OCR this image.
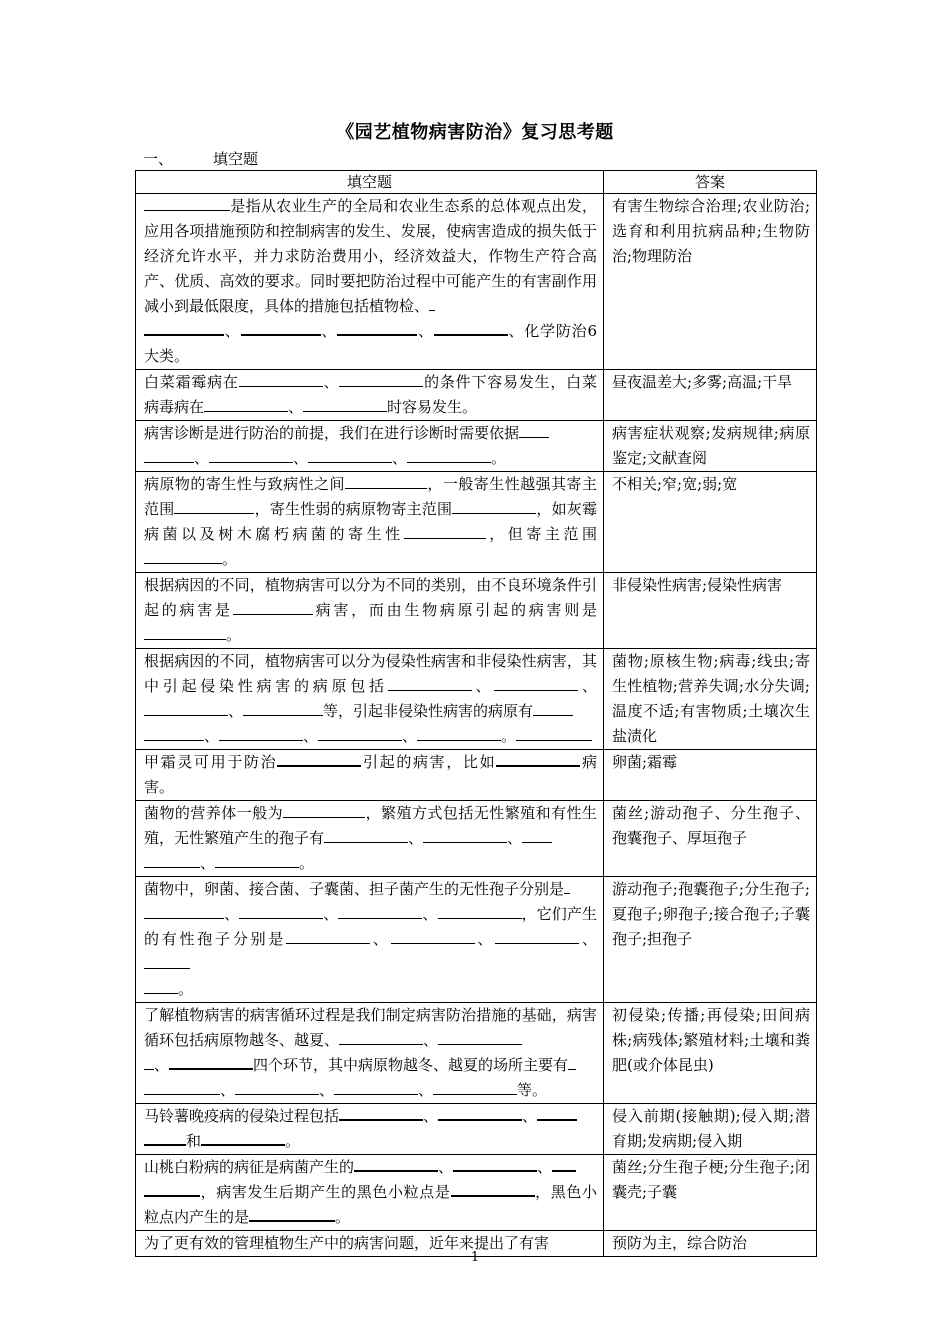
《园艺植物病害防治》复习思考题
一、	填空题
填空题	答案
是指从农业生产的全局和农业生态系的总体观点出发，应用各项措施预防和控制病害的发生、发展，使病害造成的损失低于经济允许水平，并力求防治费用小，经济效益大，作物生产符合高产、优质、高效的要求。同时要把防治过程中可能产生的有害副作用减小到最低限度，具体的措施包括植物检、
、 、 、 、化学防治6大类。	有害生物综合治理;农业防治;选育和利用抗病品种;生物防治;物理防治
白菜霜霉病在 、 的条件下容易发生，白菜病毒病在 、 时容易发生。	昼夜温差大;多雾;高温;干旱
病害诊断是进行防治的前提，我们在进行诊断时需要依据
、 、 、 。	病害症状观察;发病规律;病原鉴定;文献查阅
病原物的寄生性与致病性之间 ，一般寄生性越强其寄主范围 ，寄生性弱的病原物寄主范围 ，如灰霉病菌以及树木腐朽病菌的寄生性 ，但寄主范围。	不相关;窄;宽;弱;宽
根据病因的不同，植物病害可以分为不同的类别，由不良环境条件引起的病害是 病害，而由生物病原引起的病害则是。	非侵染性病害;侵染性病害
根据病因的不同，植物病害可以分为侵染性病害和非侵染性病害，其中引起侵染性病害的病原包括 、 、、 等，引起非侵染性病害的病原有
、 、 、 。	菌物;原核生物;病毒;线虫;寄生性植物;营养失调;水分失调;温度不适;有害物质;土壤次生盐渍化
甲霜灵可用于防治 引起的病害，比如 病害。	卵菌;霜霉
菌物的营养体一般为 ，繁殖方式包括无性繁殖和有性生殖，无性繁殖产生的孢子有 、 、
、 。	菌丝;游动孢子、分生孢子、孢囊孢子、厚垣孢子
菌物中，卵菌、接合菌、子囊菌、担子菌产生的无性孢子分别是
、 、 、 ，它们产生的有性孢子分别是 、 、 、
。	游动孢子;孢囊孢子;分生孢子;夏孢子;卵孢子;接合孢子;子囊孢子;担孢子
了解植物病害的病害循环过程是我们制定病害防治措施的基础，病害循环包括病原物越冬、越夏、 、
、 四个环节，其中病原物越冬、越夏的场所主要有
、 、 、 等。	初侵染;传播;再侵染;田间病株;病残体;繁殖材料;土壤和粪肥(或介体昆虫)
马铃薯晚疫病的侵染过程包括 、 、
和 。	侵入前期(接触期);侵入期;潜育期;发病期;侵入期
山桃白粉病的病征是病菌产生的 、 、
，病害发生后期产生的黑色小粒点是 ，黑色小粒点内产生的是 。	菌丝;分生孢子梗;分生孢子;闭囊壳;子囊
为了更有效的管理植物生产中的病害问题，近年来提出了有害	预防为主，综合防治
1
